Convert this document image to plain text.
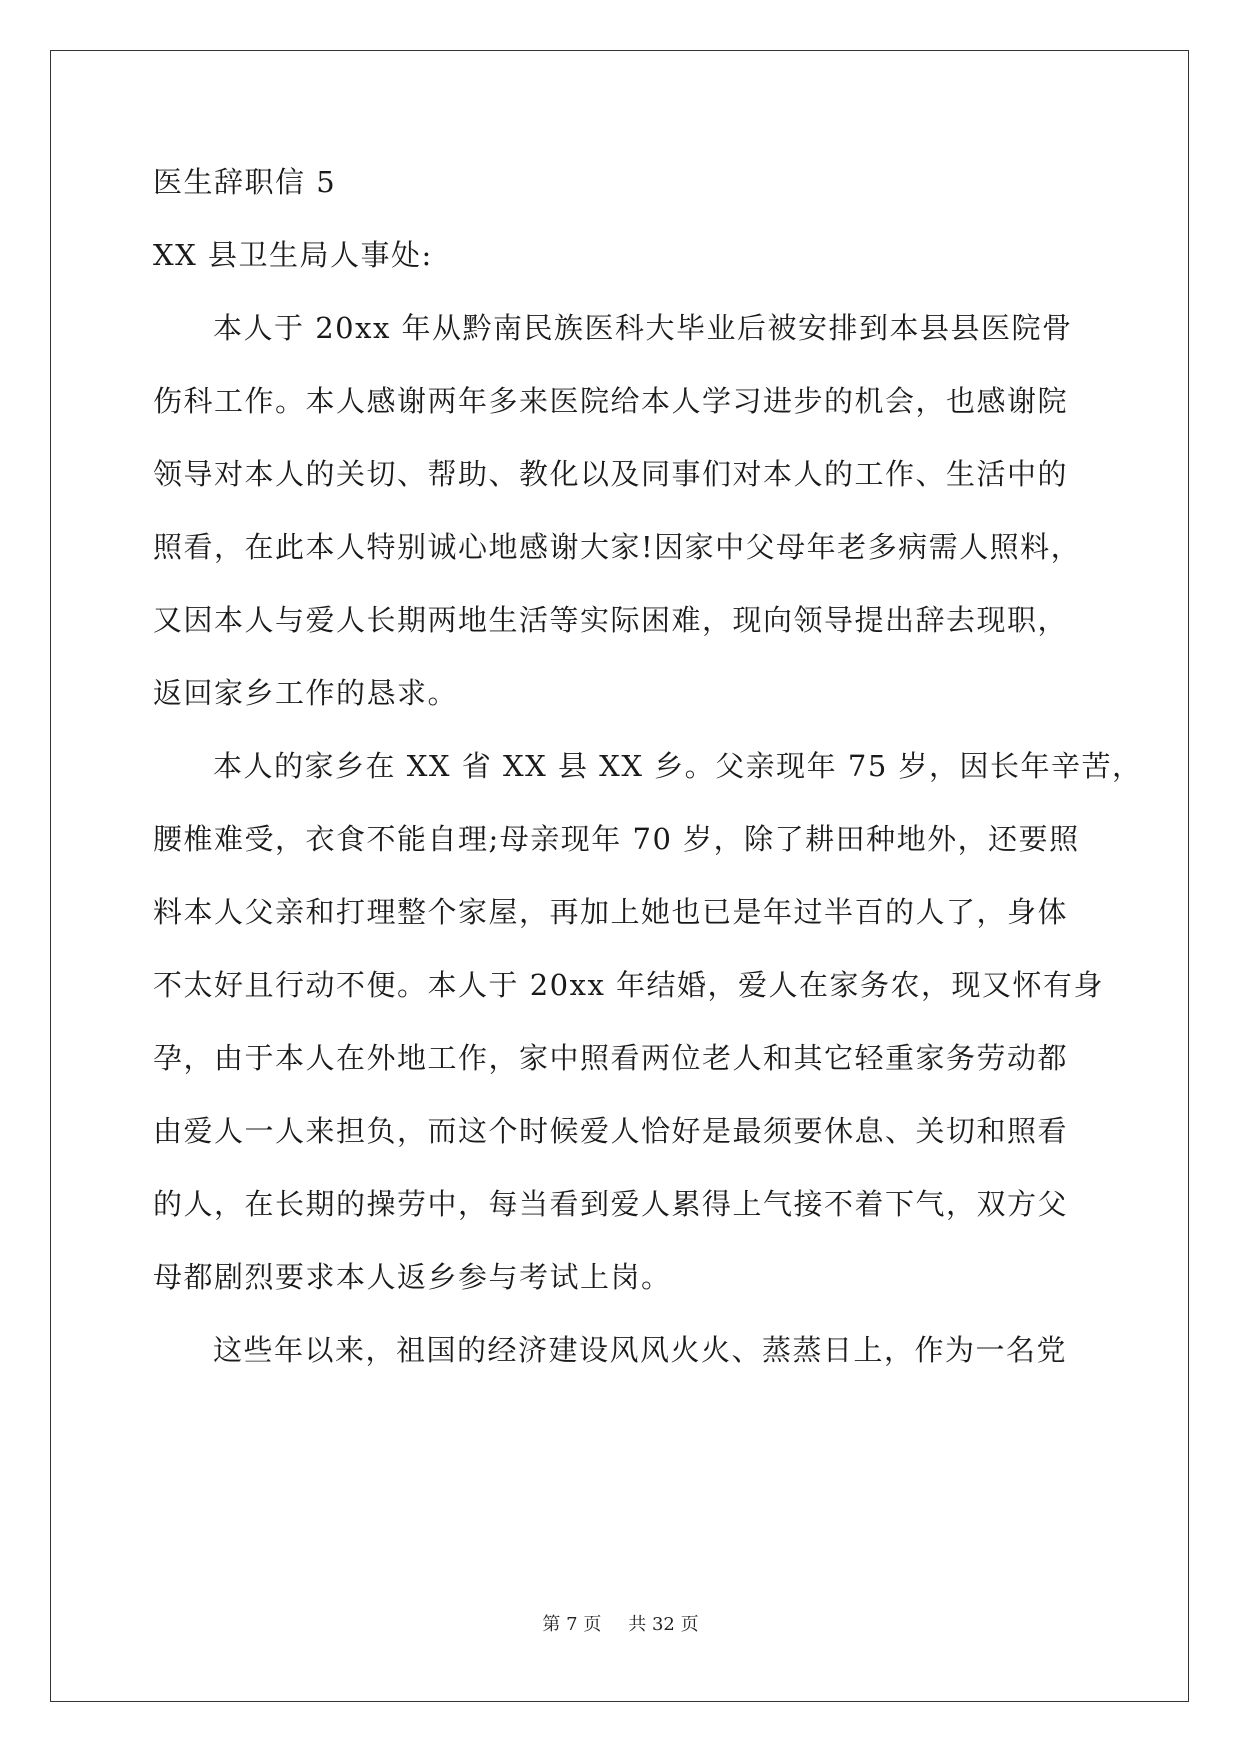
医生辞职信 5

XX 县卫生局人事处:

本人于 20xx 年从黔南民族医科大毕业后被安排到本县县医院骨

伤科工作。本人感谢两年多来医院给本人学习进步的机会，也感谢院

领导对本人的关切、帮助、教化以及同事们对本人的工作、生活中的

照看，在此本人特别诚心地感谢大家!因家中父母年老多病需人照料，

又因本人与爱人长期两地生活等实际困难，现向领导提出辞去现职，

返回家乡工作的恳求。

本人的家乡在 XX 省 XX 县 XX 乡。父亲现年 75 岁，因长年辛苦，

腰椎难受，衣食不能自理;母亲现年 70 岁，除了耕田种地外，还要照

料本人父亲和打理整个家屋，再加上她也已是年过半百的人了，身体

不太好且行动不便。本人于 20xx 年结婚，爱人在家务农，现又怀有身

孕，由于本人在外地工作，家中照看两位老人和其它轻重家务劳动都

由爱人一人来担负，而这个时候爱人恰好是最须要休息、关切和照看

的人，在长期的操劳中，每当看到爱人累得上气接不着下气，双方父

母都剧烈要求本人返乡参与考试上岗。

这些年以来，祖国的经济建设风风火火、蒸蒸日上，作为一名党

第 7 页 共 32 页
